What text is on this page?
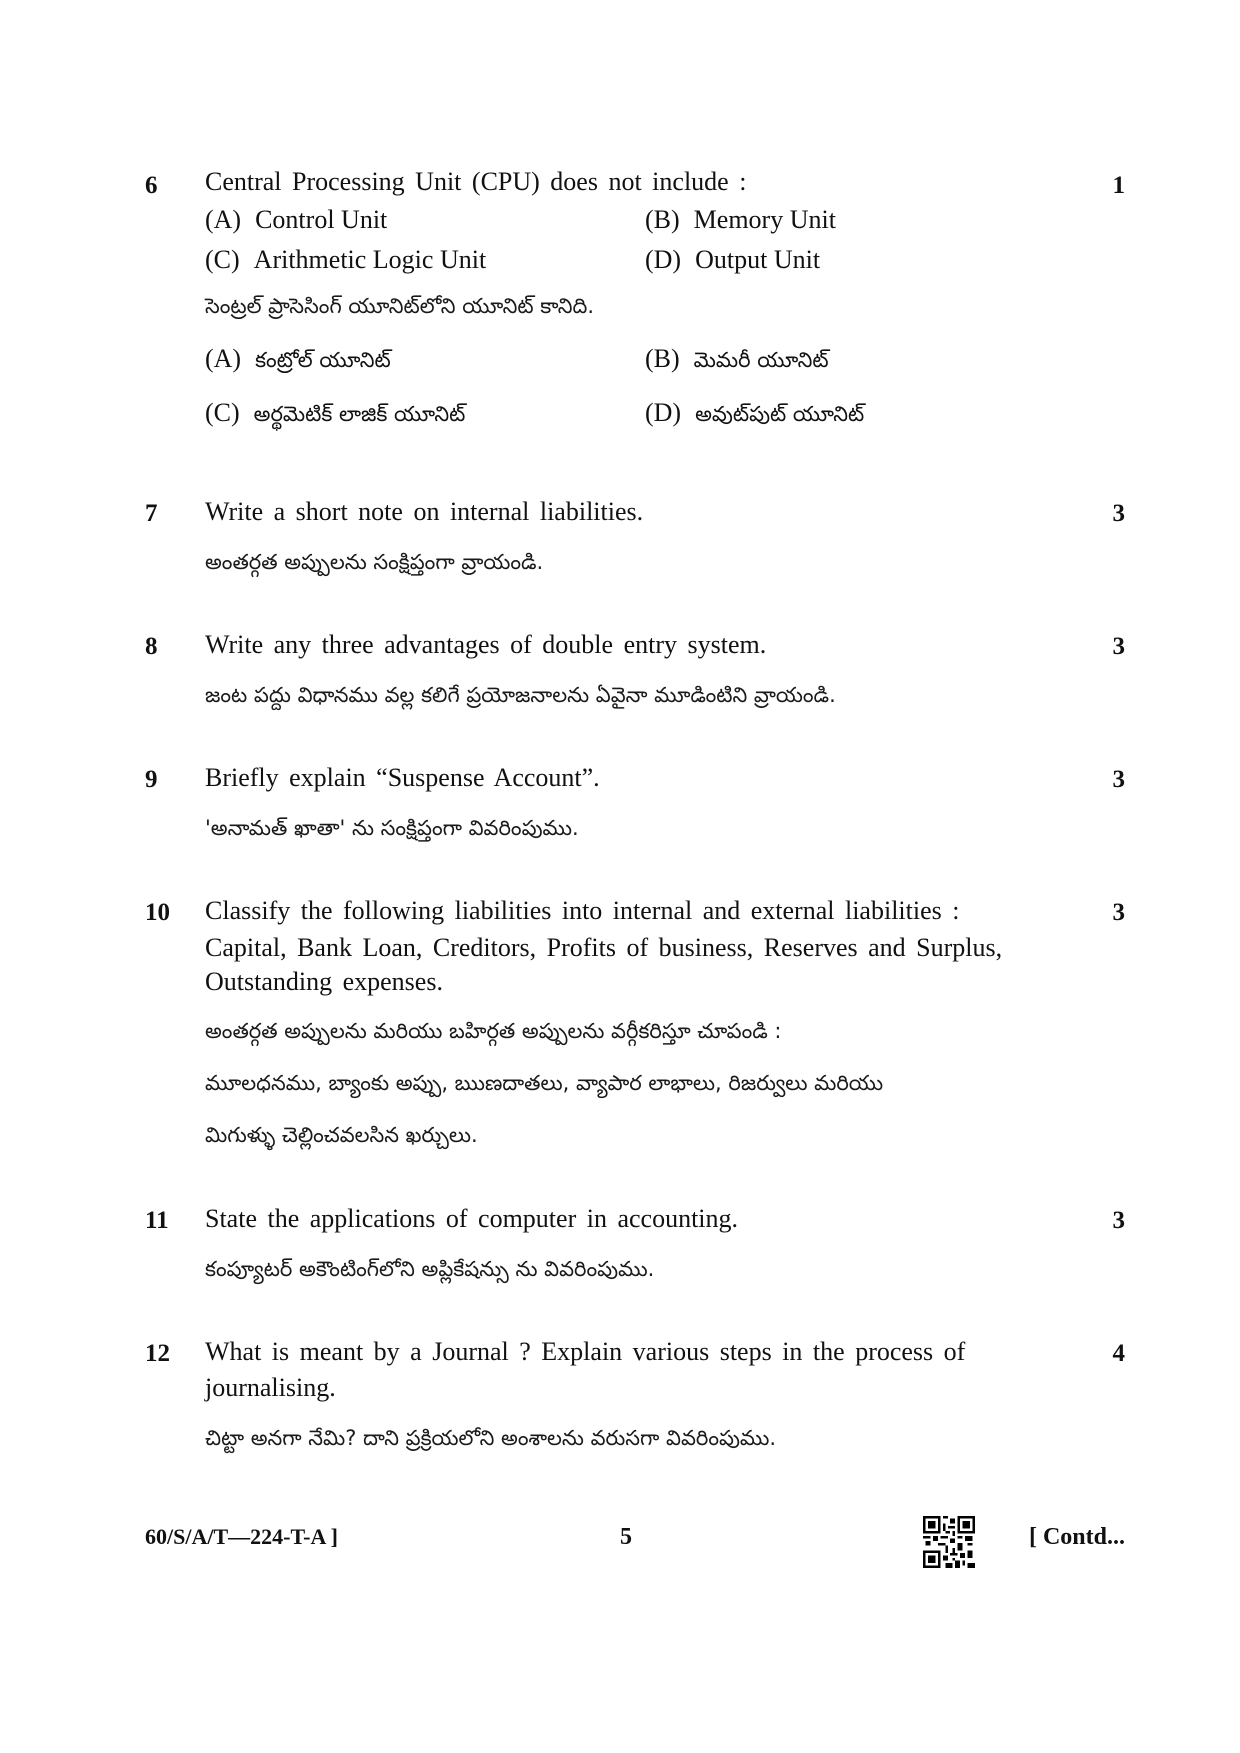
6	1
Central Processing Unit (CPU) does not include :
(A) Control Unit	(B) Memory Unit
(C) Arithmetic Logic Unit	(D) Output Unit
సెంట్రల్ ప్రాసెసింగ్ యూనిట్‌లోని యూనిట్ కానిది.
(A) కంట్రోల్ యూనిట్	(B) మెమరీ యూనిట్
(C) అర్థమెటిక్ లాజిక్ యూనిట్	(D) అవుట్‌పుట్ యూనిట్
7	3
Write a short note on internal liabilities.
అంతర్గత అప్పులను సంక్షిప్తంగా వ్రాయండి.
8	3
Write any three advantages of double entry system.
జంట పద్దు విధానము వల్ల కలిగే ప్రయోజనాలను ఏవైనా మూడింటిని వ్రాయండి.
9	3
Briefly explain “Suspense Account”.
'అనామత్ ఖాతా' ను సంక్షిప్తంగా వివరింపుము.
10	3
Classify the following liabilities into internal and external liabilities :
Capital, Bank Loan, Creditors, Profits of business, Reserves and Surplus, Outstanding expenses.
అంతర్గత అప్పులను మరియు బహిర్గత అప్పులను వర్గీకరిస్తూ చూపండి :
మూలధనము, బ్యాంకు అప్పు, ఋణదాతలు, వ్యాపార లాభాలు, రిజర్వులు మరియు
మిగుళ్ళు చెల్లించవలసిన ఖర్చులు.
11	3
State the applications of computer in accounting.
కంప్యూటర్ అకౌంటింగ్‌లోని అప్లికేషన్సు ను వివరింపుము.
12	4
What is meant by a Journal ? Explain various steps in the process of journalising.
చిట్టా అనగా నేమి? దాని ప్రక్రియలోని అంశాలను వరుసగా వివరింపుము.
60/S/A/T—224-T-A ]	5	[ Contd...
